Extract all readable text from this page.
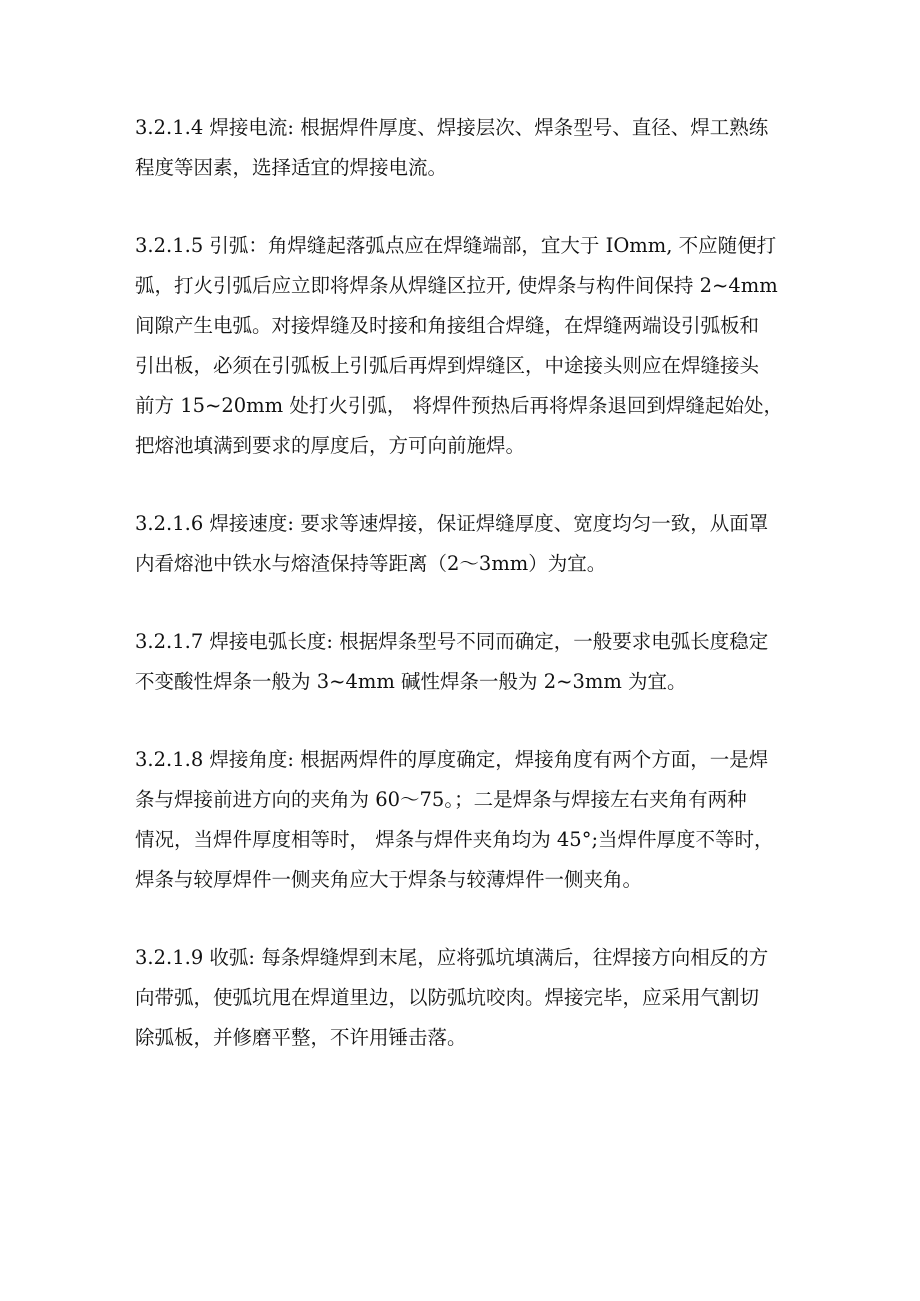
3.2.1.4 焊接电流: 根据焊件厚度、焊接层次、焊条型号、直径、焊工熟练
程度等因素，选择适宜的焊接电流。
3.2.1.5 引弧：角焊缝起落弧点应在焊缝端部，宜大于 IOmm, 不应随便打
弧，打火引弧后应立即将焊条从焊缝区拉开, 使焊条与构件间保持 2~4mm
间隙产生电弧。对接焊缝及时接和角接组合焊缝，在焊缝两端设引弧板和
引出板，必须在引弧板上引弧后再焊到焊缝区，中途接头则应在焊缝接头
前方 15~20mm 处打火引弧， 将焊件预热后再将焊条退回到焊缝起始处，
把熔池填满到要求的厚度后，方可向前施焊。
3.2.1.6 焊接速度: 要求等速焊接，保证焊缝厚度、宽度均匀一致，从面罩
内看熔池中铁水与熔渣保持等距离（2～3mm）为宜。
3.2.1.7 焊接电弧长度: 根据焊条型号不同而确定，一般要求电弧长度稳定
不变酸性焊条一般为 3~4mm 碱性焊条一般为 2~3mm 为宜。
3.2.1.8 焊接角度: 根据两焊件的厚度确定，焊接角度有两个方面，一是焊
条与焊接前进方向的夹角为 60～75。；二是焊条与焊接左右夹角有两种
情况，当焊件厚度相等时， 焊条与焊件夹角均为 45°;当焊件厚度不等时，
焊条与较厚焊件一侧夹角应大于焊条与较薄焊件一侧夹角。
3.2.1.9 收弧: 每条焊缝焊到末尾，应将弧坑填满后，往焊接方向相反的方
向带弧，使弧坑甩在焊道里边，以防弧坑咬肉。焊接完毕，应采用气割切
除弧板，并修磨平整，不许用锤击落。
